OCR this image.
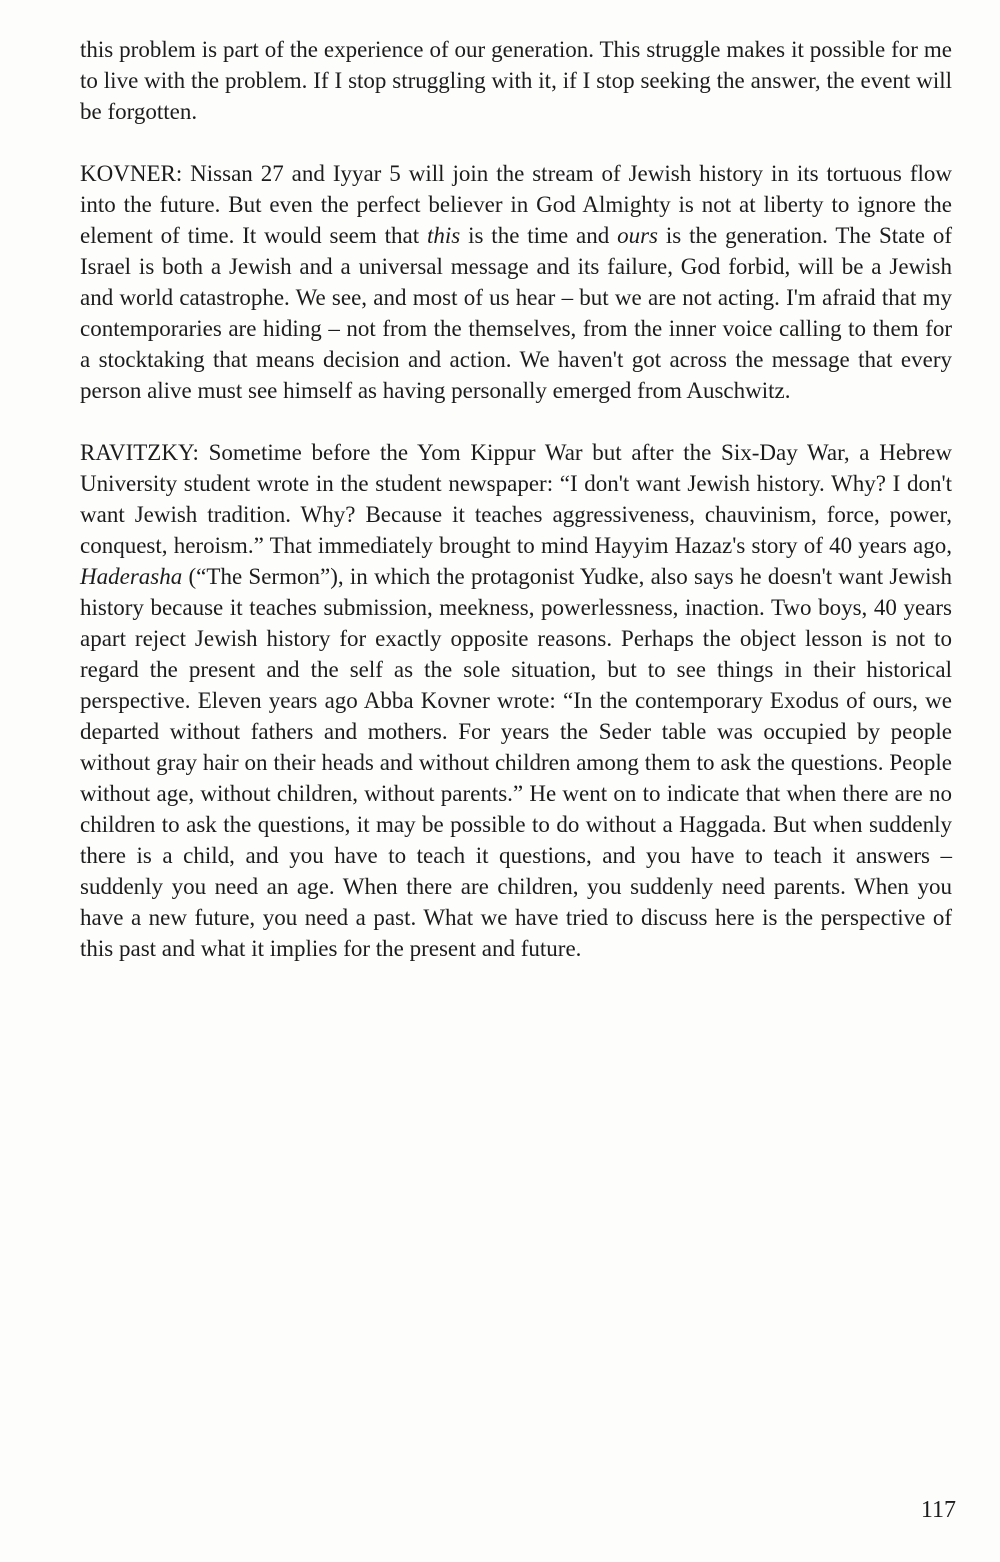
this problem is part of the experience of our generation. This struggle makes it possible for me to live with the problem. If I stop struggling with it, if I stop seeking the answer, the event will be forgotten.

KOVNER: Nissan 27 and Iyyar 5 will join the stream of Jewish history in its tortuous flow into the future. But even the perfect believer in God Almighty is not at liberty to ignore the element of time. It would seem that this is the time and ours is the generation. The State of Israel is both a Jewish and a universal message and its failure, God forbid, will be a Jewish and world catastrophe. We see, and most of us hear – but we are not acting. I'm afraid that my contemporaries are hiding – not from the themselves, from the inner voice calling to them for a stocktaking that means decision and action. We haven't got across the message that every person alive must see himself as having personally emerged from Auschwitz.

RAVITZKY: Sometime before the Yom Kippur War but after the Six-Day War, a Hebrew University student wrote in the student newspaper: “I don't want Jewish history. Why? I don't want Jewish tradition. Why? Because it teaches aggressiveness, chauvinism, force, power, conquest, heroism.” That immediately brought to mind Hayyim Hazaz's story of 40 years ago, Haderasha (“The Sermon”), in which the protagonist Yudke, also says he doesn't want Jewish history because it teaches submission, meekness, powerlessness, inaction. Two boys, 40 years apart reject Jewish history for exactly opposite reasons. Perhaps the object lesson is not to regard the present and the self as the sole situation, but to see things in their historical perspective. Eleven years ago Abba Kovner wrote: “In the contemporary Exodus of ours, we departed without fathers and mothers. For years the Seder table was occupied by people without gray hair on their heads and without children among them to ask the questions. People without age, without children, without parents.” He went on to indicate that when there are no children to ask the questions, it may be possible to do without a Haggada. But when suddenly there is a child, and you have to teach it questions, and you have to teach it answers – suddenly you need an age. When there are children, you suddenly need parents. When you have a new future, you need a past. What we have tried to discuss here is the perspective of this past and what it implies for the present and future.

117
